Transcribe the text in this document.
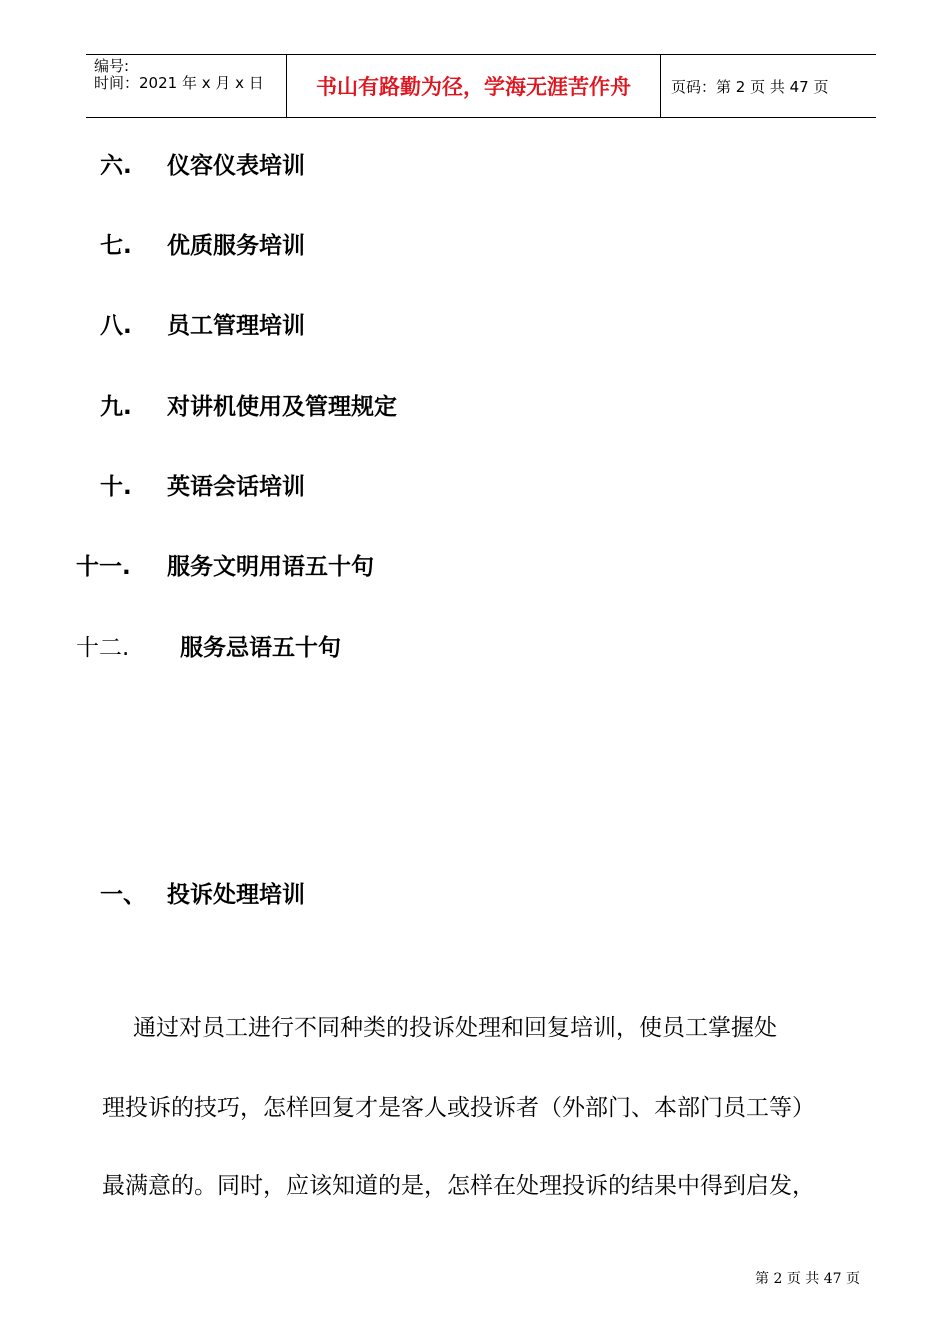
编号:
时间：2021 年 x 月 x 日	书山有路勤为径，学海无涯苦作舟	页码：第 2 页 共 47 页
六. 仪容仪表培训
七. 优质服务培训
八. 员工管理培训
九. 对讲机使用及管理规定
十. 英语会话培训
十一. 服务文明用语五十句
十二. 服务忌语五十句
一、 投诉处理培训
通过对员工进行不同种类的投诉处理和回复培训，使员工掌握处
理投诉的技巧，怎样回复才是客人或投诉者（外部门、本部门员工等）
最满意的。同时，应该知道的是，怎样在处理投诉的结果中得到启发，
第 2 页 共 47 页
